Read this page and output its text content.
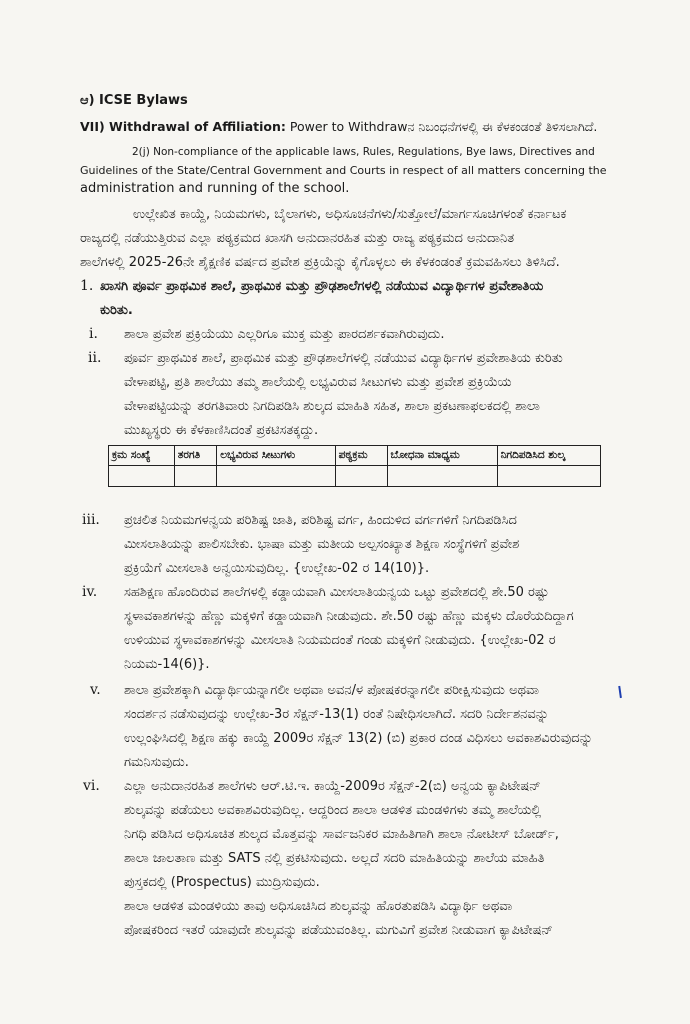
ಆ) ICSE Bylaws
VII) Withdrawal of Affiliation: Power to Withdrawನ ನಿಬಂಧನೆಗಳಲ್ಲಿ ಈ ಕೆಳಕಂಡಂತೆ ತಿಳಿಸಲಾಗಿದೆ.
2(j) Non-compliance of the applicable laws, Rules, Regulations, Bye laws, Directives and
Guidelines of the State/Central Government and Courts in respect of all matters concerning the
administration and running of the school.
ಉಲ್ಲೇಖಿತ ಕಾಯ್ದೆ, ನಿಯಮಗಳು, ಬೈಲಾಗಳು, ಅಧಿಸೂಚನೆಗಳು/ಸುತ್ತೋಲೆ/ಮಾರ್ಗಸೂಚಿಗಳಂತೆ ಕರ್ನಾಟಕ
ರಾಜ್ಯದಲ್ಲಿ ನಡೆಯುತ್ತಿರುವ ಎಲ್ಲಾ ಪಠ್ಯಕ್ರಮದ ಖಾಸಗಿ ಅನುದಾನರಹಿತ ಮತ್ತು ರಾಜ್ಯ ಪಠ್ಯಕ್ರಮದ ಅನುದಾನಿತ
ಶಾಲೆಗಳಲ್ಲಿ 2025-26ನೇ ಶೈಕ್ಷಣಿಕ ವರ್ಷದ ಪ್ರವೇಶ ಪ್ರಕ್ರಿಯೆನ್ನು ಕೈಗೊಳ್ಳಲು ಈ ಕೆಳಕಂಡಂತೆ ಕ್ರಮವಹಿಸಲು ತಿಳಿಸಿದೆ.
1. ಖಾಸಗಿ ಪೂರ್ವ ಪ್ರಾಥಮಿಕ ಶಾಲೆ, ಪ್ರಾಥಮಿಕ ಮತ್ತು ಪ್ರೌಢಶಾಲೆಗಳಲ್ಲಿ ನಡೆಯುವ ವಿದ್ಯಾರ್ಥಿಗಳ ಪ್ರವೇಶಾತಿಯ
ಕುರಿತು.
i. ಶಾಲಾ ಪ್ರವೇಶ ಪ್ರಕ್ರಿಯೆಯು ಎಲ್ಲರಿಗೂ ಮುಕ್ತ ಮತ್ತು ಪಾರದರ್ಶಕವಾಗಿರುವುದು.
ii. ಪೂರ್ವ ಪ್ರಾಥಮಿಕ ಶಾಲೆ, ಪ್ರಾಥಮಿಕ ಮತ್ತು ಪ್ರೌಢಶಾಲೆಗಳಲ್ಲಿ ನಡೆಯುವ ವಿದ್ಯಾರ್ಥಿಗಳ ಪ್ರವೇಶಾತಿಯ ಕುರಿತು
ವೇಳಾಪಟ್ಟಿ, ಪ್ರತಿ ಶಾಲೆಯು ತಮ್ಮ ಶಾಲೆಯಲ್ಲಿ ಲಭ್ಯವಿರುವ ಸೀಟುಗಳು ಮತ್ತು ಪ್ರವೇಶ ಪ್ರಕ್ರಿಯೆಯ
ವೇಳಾಪಟ್ಟಿಯನ್ನು ತರಗತಿವಾರು ನಿಗದಿಪಡಿಸಿ ಶುಲ್ಕದ ಮಾಹಿತಿ ಸಹಿತ, ಶಾಲಾ ಪ್ರಕಟಣಾಫಲಕದಲ್ಲಿ ಶಾಲಾ
ಮುಖ್ಯಸ್ಥರು ಈ ಕೆಳಕಾಣಿಸಿದಂತೆ ಪ್ರಕಟಿಸತಕ್ಕದ್ದು.
ಕ್ರಮ ಸಂಖ್ಯೆ	ತರಗತಿ	ಲಭ್ಯವಿರುವ ಸೀಟುಗಳು	ಪಠ್ಯಕ್ರಮ	ಬೋಧನಾ ಮಾಧ್ಯಮ	ನಿಗದಿಪಡಿಸಿದ ಶುಲ್ಕ

iii. ಪ್ರಚಲಿತ ನಿಯಮಗಳನ್ವಯ ಪರಿಶಿಷ್ಟ ಜಾತಿ, ಪರಿಶಿಷ್ಟ ವರ್ಗ, ಹಿಂದುಳಿದ ವರ್ಗಗಳಿಗೆ ನಿಗದಿಪಡಿಸಿದ
ಮೀಸಲಾತಿಯನ್ನು ಪಾಲಿಸಬೇಕು. ಭಾಷಾ ಮತ್ತು ಮತೀಯ ಅಲ್ಪಸಂಖ್ಯಾತ ಶಿಕ್ಷಣ ಸಂಸ್ಥೆಗಳಿಗೆ ಪ್ರವೇಶ
ಪ್ರಕ್ರಿಯೆಗೆ ಮೀಸಲಾತಿ ಅನ್ವಯಿಸುವುದಿಲ್ಲ. {ಉಲ್ಲೇಖ-02 ರ 14(10)}.
iv. ಸಹಶಿಕ್ಷಣ ಹೊಂದಿರುವ ಶಾಲೆಗಳಲ್ಲಿ ಕಡ್ಡಾಯವಾಗಿ ಮೀಸಲಾತಿಯನ್ವಯ ಒಟ್ಟು ಪ್ರವೇಶದಲ್ಲಿ ಶೇ.50 ರಷ್ಟು
ಸ್ಥಳಾವಕಾಶಗಳನ್ನು ಹೆಣ್ಣು ಮಕ್ಕಳಿಗೆ ಕಡ್ಡಾಯವಾಗಿ ನೀಡುವುದು. ಶೇ.50 ರಷ್ಟು ಹೆಣ್ಣು ಮಕ್ಕಳು ದೊರೆಯದಿದ್ದಾಗ
ಉಳಿಯುವ ಸ್ಥಳಾವಕಾಶಗಳನ್ನು ಮೀಸಲಾತಿ ನಿಯಮದಂತೆ ಗಂಡು ಮಕ್ಕಳಿಗೆ ನೀಡುವುದು. {ಉಲ್ಲೇಖ-02 ರ
ನಿಯಮ-14(6)}.
v. ಶಾಲಾ ಪ್ರವೇಶಕ್ಕಾಗಿ ವಿದ್ಯಾರ್ಥಿಯನ್ನಾಗಲೀ ಅಥವಾ ಅವನ/ಳ ಪೋಷಕರನ್ನಾಗಲೀ ಪರೀಕ್ಷಿಸುವುದು ಅಥವಾ
ಸಂದರ್ಶನ ನಡೆಸುವುದನ್ನು ಉಲ್ಲೇಖ-3ರ ಸೆಕ್ಷನ್-13(1) ರಂತೆ ನಿಷೇಧಿಸಲಾಗಿದೆ. ಸದರಿ ನಿರ್ದೇಶನವನ್ನು
ಉಲ್ಲಂಘಿಸಿದಲ್ಲಿ ಶಿಕ್ಷಣ ಹಕ್ಕು ಕಾಯ್ದೆ 2009ರ ಸೆಕ್ಷನ್ 13(2) (ಬಿ) ಪ್ರಕಾರ ದಂಡ ವಿಧಿಸಲು ಅವಕಾಶವಿರುವುದನ್ನು
ಗಮನಿಸುವುದು.
ı
vi. ಎಲ್ಲಾ ಅನುದಾನರಹಿತ ಶಾಲೆಗಳು ಆರ್.ಟಿ.ಇ. ಕಾಯ್ದೆ-2009ರ ಸೆಕ್ಷನ್-2(ಬಿ) ಅನ್ವಯ ಕ್ಯಾಪಿಟೇಷನ್
ಶುಲ್ಕವನ್ನು ಪಡೆಯಲು ಅವಕಾಶವಿರುವುದಿಲ್ಲ. ಆದ್ದರಿಂದ ಶಾಲಾ ಆಡಳಿತ ಮಂಡಳಿಗಳು ತಮ್ಮ ಶಾಲೆಯಲ್ಲಿ
ನಿಗಧಿ ಪಡಿಸಿದ ಅಧಿಸೂಚಿತ ಶುಲ್ಕದ ಮೊತ್ತವನ್ನು ಸಾರ್ವಜನಿಕರ ಮಾಹಿತಿಗಾಗಿ ಶಾಲಾ ನೋಟೀಸ್ ಬೋರ್ಡ್,
ಶಾಲಾ ಜಾಲತಾಣ ಮತ್ತು SATS ನಲ್ಲಿ ಪ್ರಕಟಿಸುವುದು. ಅಲ್ಲದೆ ಸದರಿ ಮಾಹಿತಿಯನ್ನು ಶಾಲೆಯ ಮಾಹಿತಿ
ಪುಸ್ತಕದಲ್ಲಿ (Prospectus) ಮುದ್ರಿಸುವುದು.
ಶಾಲಾ ಆಡಳಿತ ಮಂಡಳಿಯು ತಾವು ಅಧಿಸೂಚಿಸಿದ ಶುಲ್ಕವನ್ನು ಹೊರತುಪಡಿಸಿ ವಿದ್ಯಾರ್ಥಿ ಅಥವಾ
ಪೋಷಕರಿಂದ ಇತರೆ ಯಾವುದೇ ಶುಲ್ಕವನ್ನು ಪಡೆಯುವಂತಿಲ್ಲ. ಮಗುವಿಗೆ ಪ್ರವೇಶ ನೀಡುವಾಗ ಕ್ಯಾಪಿಟೇಷನ್
